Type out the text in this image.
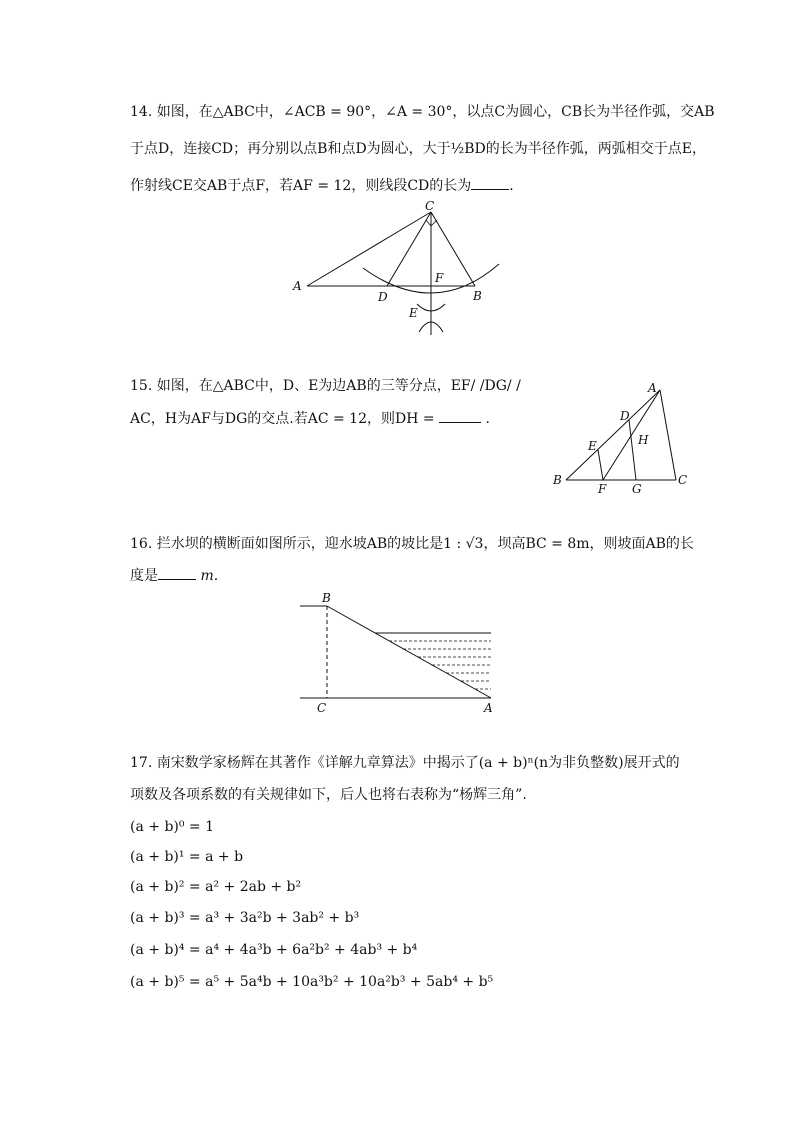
14. 如图，在△ABC中，∠ACB = 90°，∠A = 30°，以点C为圆心，CB长为半径作弧，交AB
于点D，连接CD；再分别以点B和点D为圆心，大于½BD的长为半径作弧，两弧相交于点E，
作射线CE交AB于点F，若AF = 12，则线段CD的长为	.
C
A
D
F
B
E
15. 如图，在△ABC中，D、E为边AB的三等分点，EF/ /DG/ /
AC，H为AF与DG的交点.若AC = 12，则DH =	.
A
D
E	H
B
F G
C
16. 拦水坝的横断面如图所示，迎水坡AB的坡比是1 : √3，坝高BC = 8m，则坡面AB的长
度是	m.
B
C	A
17. 南宋数学家杨辉在其著作《详解九章算法》中揭示了(a + b)ⁿ(n为非负整数)展开式的
项数及各项系数的有关规律如下，后人也将右表称为“杨辉三角”.
(a + b)⁰ = 1
(a + b)¹ = a + b
(a + b)² = a² + 2ab + b²
(a + b)³ = a³ + 3a²b + 3ab² + b³
(a + b)⁴ = a⁴ + 4a³b + 6a²b² + 4ab³ + b⁴
(a + b)⁵ = a⁵ + 5a⁴b + 10a³b² + 10a²b³ + 5ab⁴ + b⁵
